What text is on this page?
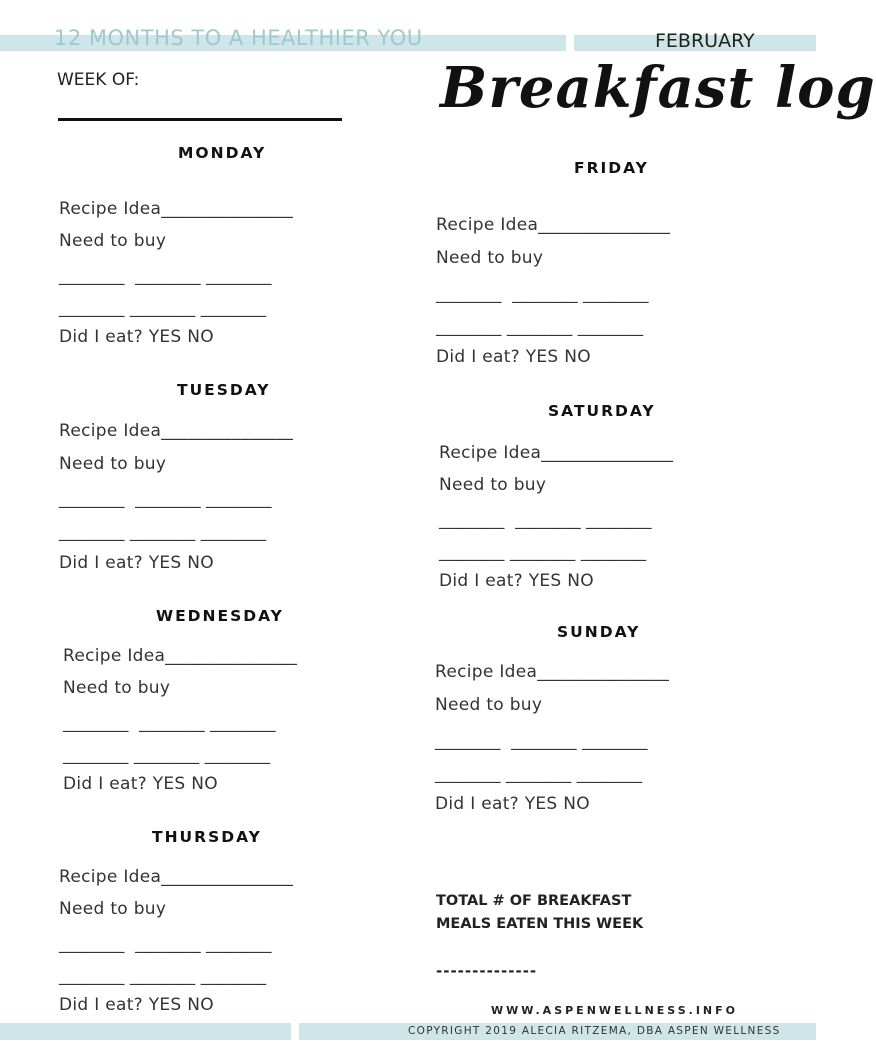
12 MONTHS TO A HEALTHIER YOU	FEBRUARY
WEEK OF:	Breakfast log
MONDAY
Recipe Idea_______________
Need to buy
________  ________ ________
________ ________ ________
Did I eat? YES NO
TUESDAY
Recipe Idea_______________
Need to buy
________  ________ ________
________ ________ ________
Did I eat? YES NO
WEDNESDAY
Recipe Idea_______________
Need to buy
________  ________ ________
________ ________ ________
Did I eat? YES NO
THURSDAY
Recipe Idea_______________
Need to buy
________  ________ ________
________ ________ ________
Did I eat? YES NO
FRIDAY
Recipe Idea_______________
Need to buy
________  ________ ________
________ ________ ________
Did I eat? YES NO
SATURDAY
Recipe Idea_______________
Need to buy
________  ________ ________
________ ________ ________
Did I eat? YES NO
SUNDAY
Recipe Idea_______________
Need to buy
________  ________ ________
________ ________ ________
Did I eat? YES NO
TOTAL # OF BREAKFAST
MEALS EATEN THIS WEEK
--------------
WWW.ASPENWELLNESS.INFO
COPYRIGHT 2019 ALECIA RITZEMA, DBA ASPEN WELLNESS
